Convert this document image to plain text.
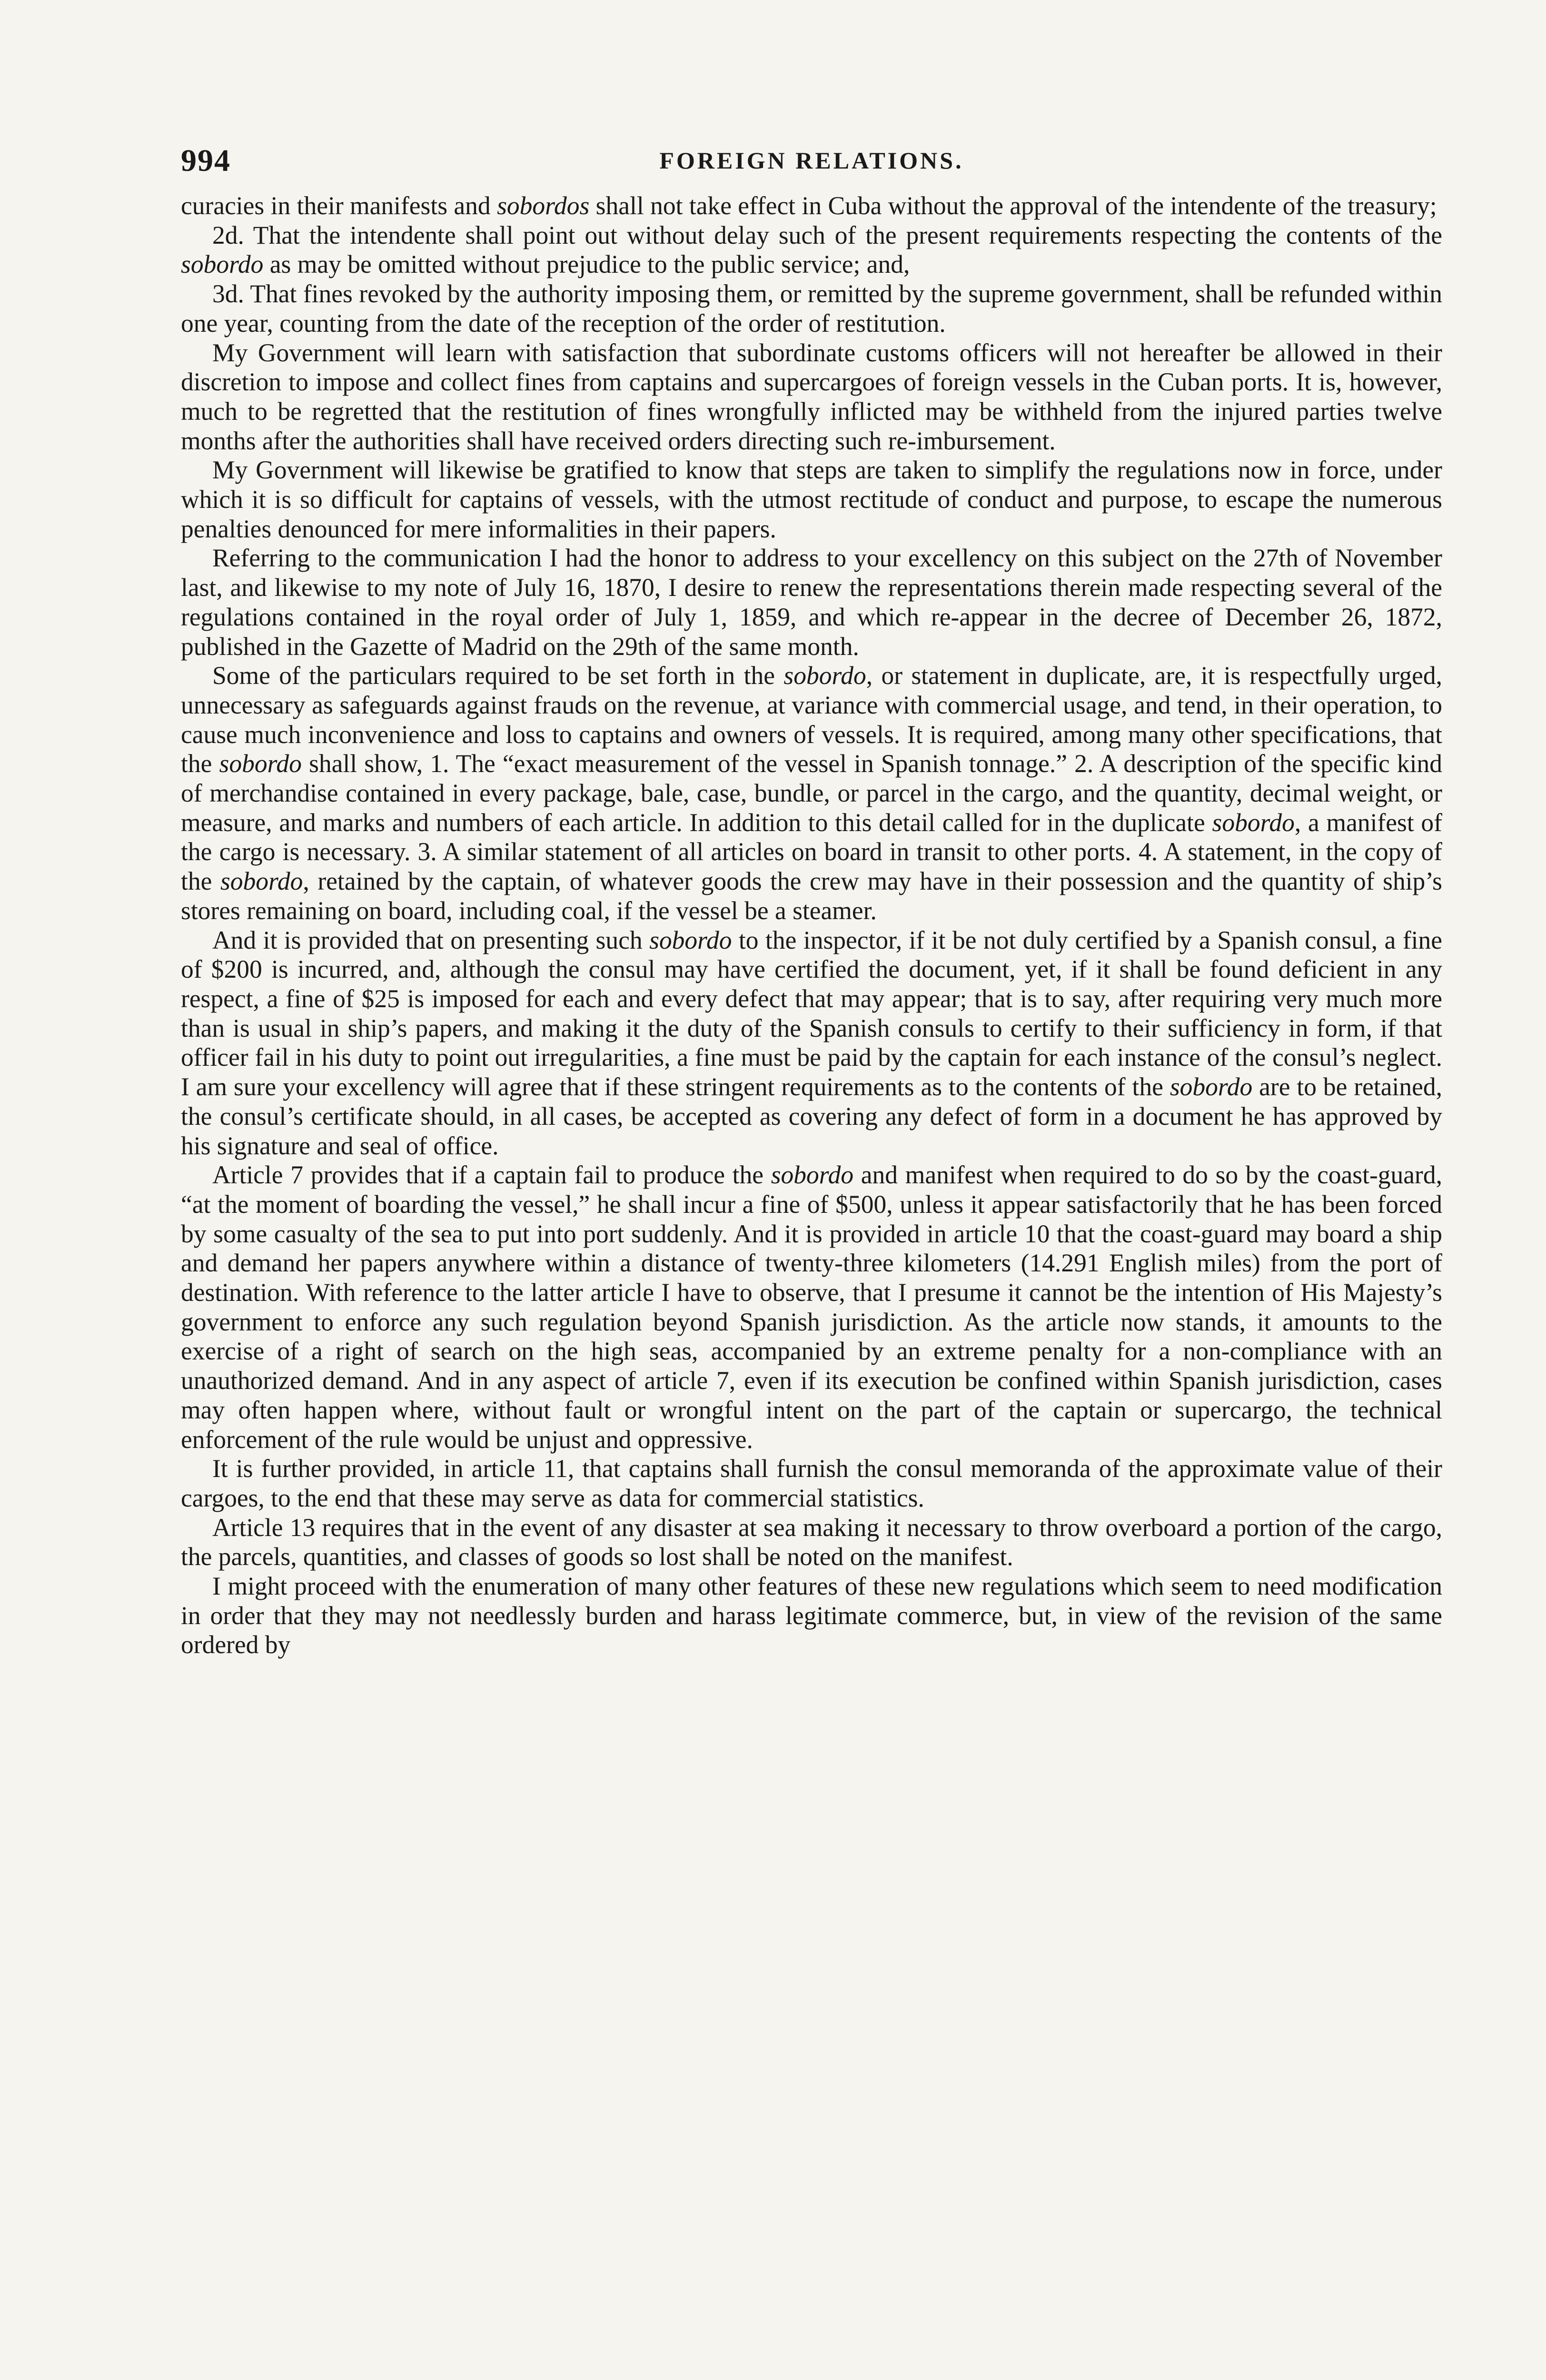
994	FOREIGN RELATIONS.

curacies in their manifests and sobordos shall not take effect in Cuba without the approval of the intendente of the treasury;

2d. That the intendente shall point out without delay such of the present requirements respecting the contents of the sobordo as may be omitted without prejudice to the public service; and,

3d. That fines revoked by the authority imposing them, or remitted by the supreme government, shall be refunded within one year, counting from the date of the reception of the order of restitution.

My Government will learn with satisfaction that subordinate customs officers will not hereafter be allowed in their discretion to impose and collect fines from captains and supercargoes of foreign vessels in the Cuban ports. It is, however, much to be regretted that the restitution of fines wrongfully inflicted may be withheld from the injured parties twelve months after the authorities shall have received orders directing such re-imbursement.

My Government will likewise be gratified to know that steps are taken to simplify the regulations now in force, under which it is so difficult for captains of vessels, with the utmost rectitude of conduct and purpose, to escape the numerous penalties denounced for mere informalities in their papers.

Referring to the communication I had the honor to address to your excellency on this subject on the 27th of November last, and likewise to my note of July 16, 1870, I desire to renew the representations therein made respecting several of the regulations contained in the royal order of July 1, 1859, and which re-appear in the decree of December 26, 1872, published in the Gazette of Madrid on the 29th of the same month.

Some of the particulars required to be set forth in the sobordo, or statement in duplicate, are, it is respectfully urged, unnecessary as safeguards against frauds on the revenue, at variance with commercial usage, and tend, in their operation, to cause much inconvenience and loss to captains and owners of vessels. It is required, among many other specifications, that the sobordo shall show, 1. The “exact measurement of the vessel in Spanish tonnage.” 2. A description of the specific kind of merchandise contained in every package, bale, case, bundle, or parcel in the cargo, and the quantity, decimal weight, or measure, and marks and numbers of each article. In addition to this detail called for in the duplicate sobordo, a manifest of the cargo is necessary. 3. A similar statement of all articles on board in transit to other ports. 4. A statement, in the copy of the sobordo, retained by the captain, of whatever goods the crew may have in their possession and the quantity of ship’s stores remaining on board, including coal, if the vessel be a steamer.

And it is provided that on presenting such sobordo to the inspector, if it be not duly certified by a Spanish consul, a fine of $200 is incurred, and, although the consul may have certified the document, yet, if it shall be found deficient in any respect, a fine of $25 is imposed for each and every defect that may appear; that is to say, after requiring very much more than is usual in ship’s papers, and making it the duty of the Spanish consuls to certify to their sufficiency in form, if that officer fail in his duty to point out irregularities, a fine must be paid by the captain for each instance of the consul’s neglect. I am sure your excellency will agree that if these stringent requirements as to the contents of the sobordo are to be retained, the consul’s certificate should, in all cases, be accepted as covering any defect of form in a document he has approved by his signature and seal of office.

Article 7 provides that if a captain fail to produce the sobordo and manifest when required to do so by the coast-guard, “at the moment of boarding the vessel,” he shall incur a fine of $500, unless it appear satisfactorily that he has been forced by some casualty of the sea to put into port suddenly. And it is provided in article 10 that the coast-guard may board a ship and demand her papers anywhere within a distance of twenty-three kilometers (14.291 English miles) from the port of destination. With reference to the latter article I have to observe, that I presume it cannot be the intention of His Majesty’s government to enforce any such regulation beyond Spanish jurisdiction. As the article now stands, it amounts to the exercise of a right of search on the high seas, accompanied by an extreme penalty for a non-compliance with an unauthorized demand. And in any aspect of article 7, even if its execution be confined within Spanish jurisdiction, cases may often happen where, without fault or wrongful intent on the part of the captain or supercargo, the technical enforcement of the rule would be unjust and oppressive.

It is further provided, in article 11, that captains shall furnish the consul memoranda of the approximate value of their cargoes, to the end that these may serve as data for commercial statistics.

Article 13 requires that in the event of any disaster at sea making it necessary to throw overboard a portion of the cargo, the parcels, quantities, and classes of goods so lost shall be noted on the manifest.

I might proceed with the enumeration of many other features of these new regulations which seem to need modification in order that they may not needlessly burden and harass legitimate commerce, but, in view of the revision of the same ordered by
